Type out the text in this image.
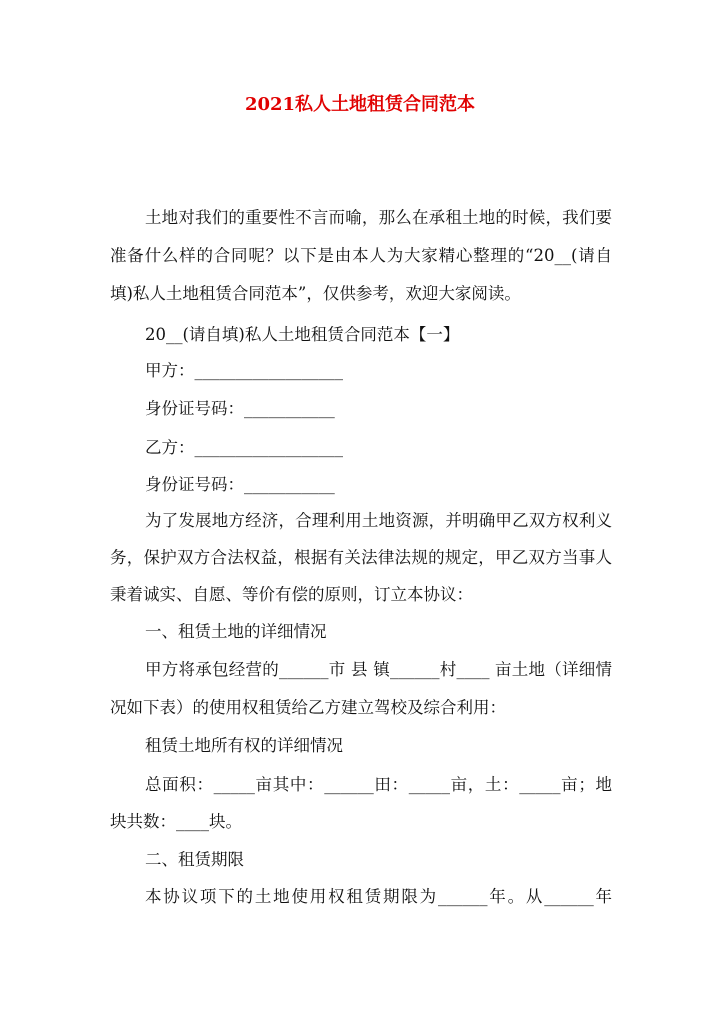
2021私人土地租赁合同范本
土地对我们的重要性不言而喻，那么在承租土地的时候，我们要
准备什么样的合同呢？以下是由本人为大家精心整理的“20__(请自
填)私人土地租赁合同范本”，仅供参考，欢迎大家阅读。
20__(请自填)私人土地租赁合同范本【一】
甲方：__________________
身份证号码：___________
乙方：__________________
身份证号码：___________
为了发展地方经济，合理利用土地资源，并明确甲乙双方权利义
务，保护双方合法权益，根据有关法律法规的规定，甲乙双方当事人
秉着诚实、自愿、等价有偿的原则，订立本协议：
一、租赁土地的详细情况
甲方将承包经营的______市 县 镇______村____ 亩土地（详细情
况如下表）的使用权租赁给乙方建立驾校及综合利用：
租赁土地所有权的详细情况
总面积：_____亩其中：______田：_____亩，土：_____亩；地
块共数：____块。
二、租赁期限
本协议项下的土地使用权租赁期限为______年。从______年
